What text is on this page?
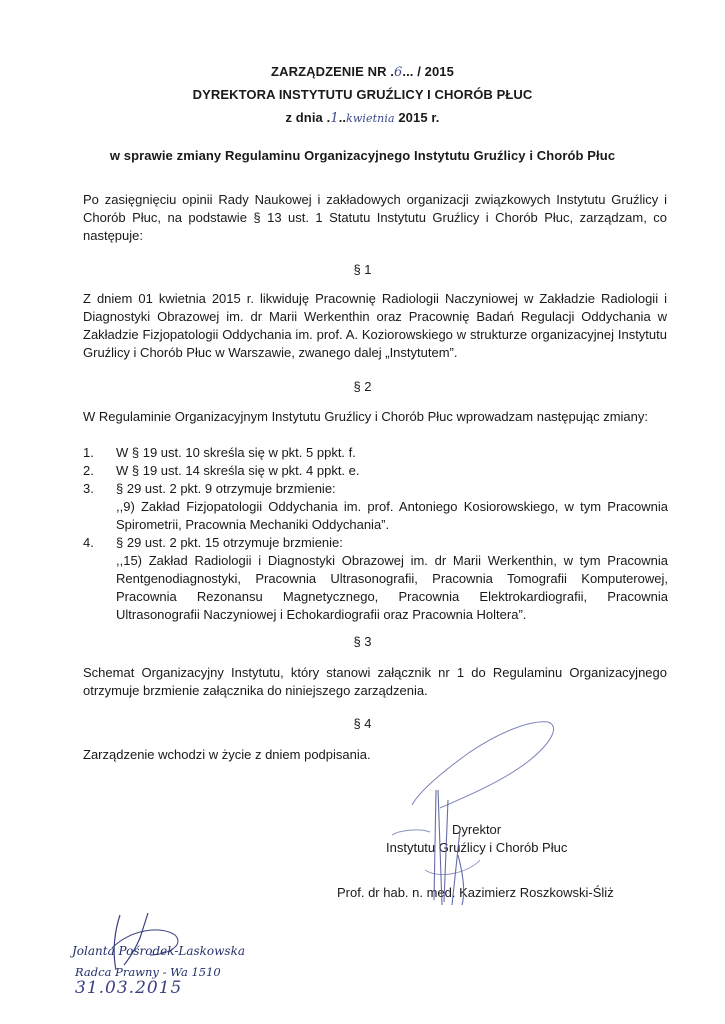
ZARZĄDZENIE NR .6... / 2015
DYREKTORA INSTYTUTU GRUŹLICY I CHORÓB PŁUC
z dnia .1..kwietnia 2015 r.
w sprawie zmiany Regulaminu Organizacyjnego Instytutu Gruźlicy i Chorób Płuc
Po zasięgnięciu opinii Rady Naukowej i zakładowych organizacji związkowych Instytutu Gruźlicy i Chorób Płuc, na podstawie § 13 ust. 1 Statutu Instytutu Gruźlicy i Chorób Płuc, zarządzam, co następuje:
§ 1
Z dniem 01 kwietnia 2015 r. likwiduję Pracownię Radiologii Naczyniowej w Zakładzie Radiologii i Diagnostyki Obrazowej im. dr Marii Werkenthin oraz Pracownię Badań Regulacji Oddychania w Zakładzie Fizjopatologii Oddychania im. prof. A. Koziorowskiego w strukturze organizacyjnej Instytutu Gruźlicy i Chorób Płuc w Warszawie, zwanego dalej „Instytutem”.
§ 2
W Regulaminie Organizacyjnym Instytutu Gruźlicy i Chorób Płuc wprowadzam następując zmiany:
1. W § 19 ust. 10 skreśla się w pkt. 5 ppkt. f.
2. W § 19 ust. 14 skreśla się w pkt. 4 ppkt. e.
3. § 29 ust. 2 pkt. 9 otrzymuje brzmienie:
,,9) Zakład Fizjopatologii Oddychania im. prof. Antoniego Kosiorowskiego, w tym Pracownia Spirometrii, Pracownia Mechaniki Oddychania”.
4. § 29 ust. 2 pkt. 15 otrzymuje brzmienie:
,,15) Zakład Radiologii i Diagnostyki Obrazowej im. dr Marii Werkenthin, w tym Pracownia Rentgenodiagnostyki, Pracownia Ultrasonografii, Pracownia Tomografii Komputerowej, Pracownia Rezonansu Magnetycznego, Pracownia Elektrokardiografii, Pracownia Ultrasonografii Naczyniowej i Echokardiografii oraz Pracownia Holtera”.
§ 3
Schemat Organizacyjny Instytutu, który stanowi załącznik nr 1 do Regulaminu Organizacyjnego otrzymuje brzmienie załącznika do niniejszego zarządzenia.
§ 4
Zarządzenie wchodzi w życie z dniem podpisania.
Dyrektor
Instytutu Gruźlicy i Chorób Płuc
Prof. dr hab. n. med. Kazimierz Roszkowski-Śliż
Jolanta Pośrodek-Laskowska
Radca Prawny - Wa 1510
31.03.2015
